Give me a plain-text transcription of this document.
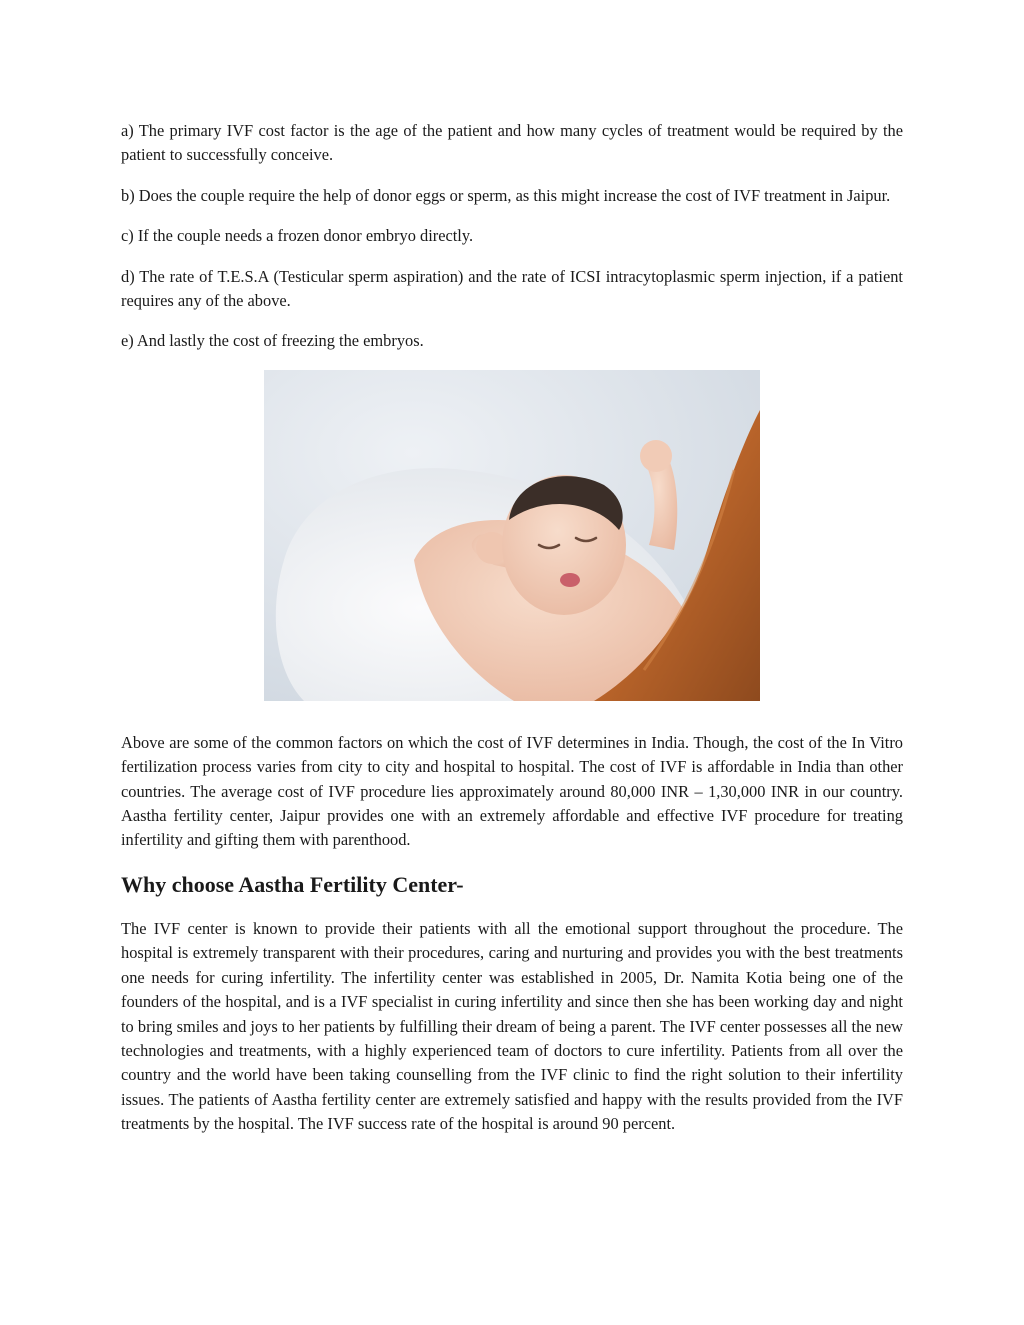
a) The primary IVF cost factor is the age of the patient and how many cycles of treatment would be required by the patient to successfully conceive.

b) Does the couple require the help of donor eggs or sperm, as this might increase the cost of IVF treatment in Jaipur.

c) If the couple needs a frozen donor embryo directly.

d) The rate of T.E.S.A (Testicular sperm aspiration) and the rate of ICSI intracytoplasmic sperm injection, if a patient requires any of the above.

e) And lastly the cost of freezing the embryos.

Above are some of the common factors on which the cost of IVF determines in India. Though, the cost of the In Vitro fertilization process varies from city to city and hospital to hospital. The cost of IVF is affordable in India than other countries. The average cost of IVF procedure lies approximately around 80,000 INR – 1,30,000 INR in our country. Aastha fertility center, Jaipur provides one with an extremely affordable and effective IVF procedure for treating infertility and gifting them with parenthood.

Why choose Aastha Fertility Center-

The IVF center is known to provide their patients with all the emotional support throughout the procedure. The hospital is extremely transparent with their procedures, caring and nurturing and provides you with the best treatments one needs for curing infertility. The infertility center was established in 2005, Dr. Namita Kotia being one of the founders of the hospital, and is a IVF specialist in curing infertility and since then she has been working day and night to bring smiles and joys to her patients by fulfilling their dream of being a parent. The IVF center possesses all the new technologies and treatments, with a highly experienced team of doctors to cure infertility. Patients from all over the country and the world have been taking counselling from the IVF clinic to find the right solution to their infertility issues. The patients of Aastha fertility center are extremely satisfied and happy with the results provided from the IVF treatments by the hospital. The IVF success rate of the hospital is around 90 percent.
